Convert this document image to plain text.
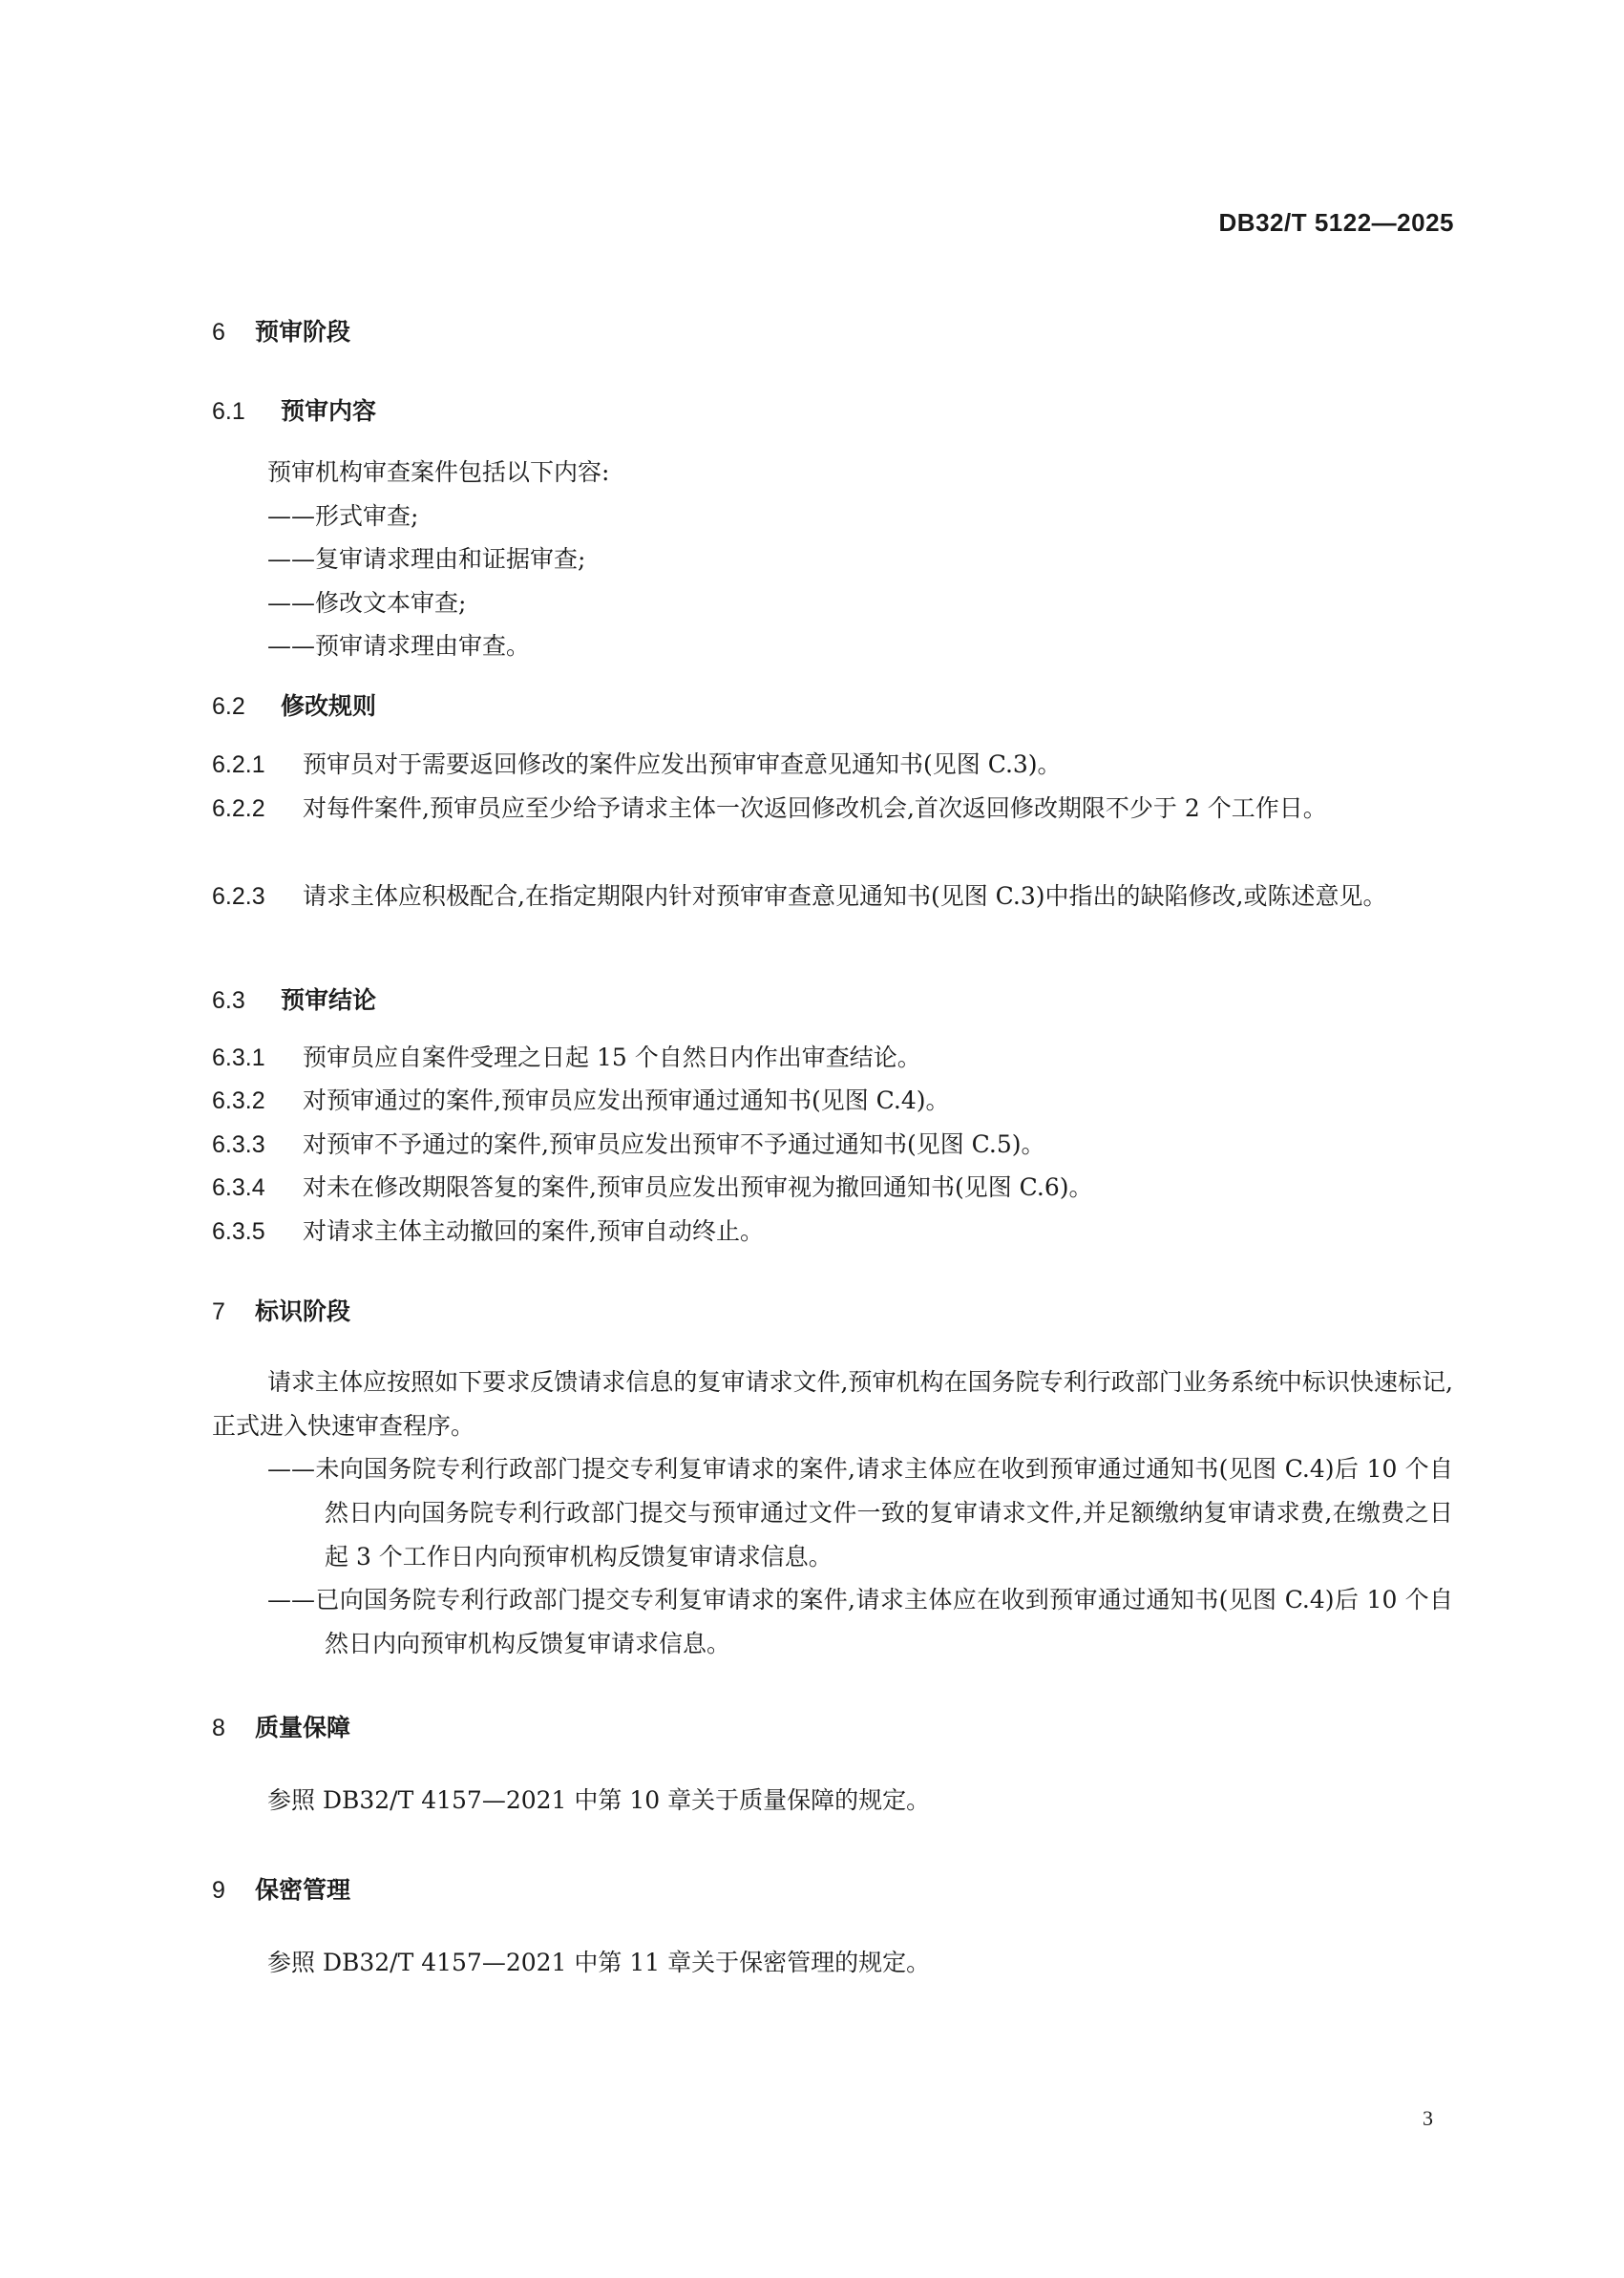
DB32/T 5122—2025
6 预审阶段
6.1 预审内容
预审机构审查案件包括以下内容:
——形式审查;
——复审请求理由和证据审查;
——修改文本审查;
——预审请求理由审查。
6.2 修改规则
6.2.1 预审员对于需要返回修改的案件应发出预审审查意见通知书(见图 C.3)。
6.2.2 对每件案件,预审员应至少给予请求主体一次返回修改机会,首次返回修改期限不少于 2 个工作日。
6.2.3 请求主体应积极配合,在指定期限内针对预审审查意见通知书(见图 C.3)中指出的缺陷修改,或陈述意见。
6.3 预审结论
6.3.1 预审员应自案件受理之日起 15 个自然日内作出审查结论。
6.3.2 对预审通过的案件,预审员应发出预审通过通知书(见图 C.4)。
6.3.3 对预审不予通过的案件,预审员应发出预审不予通过通知书(见图 C.5)。
6.3.4 对未在修改期限答复的案件,预审员应发出预审视为撤回通知书(见图 C.6)。
6.3.5 对请求主体主动撤回的案件,预审自动终止。
7 标识阶段
请求主体应按照如下要求反馈请求信息的复审请求文件,预审机构在国务院专利行政部门业务系统中标识快速标记,正式进入快速审查程序。
——未向国务院专利行政部门提交专利复审请求的案件,请求主体应在收到预审通过通知书(见图 C.4)后 10 个自然日内向国务院专利行政部门提交与预审通过文件一致的复审请求文件,并足额缴纳复审请求费,在缴费之日起 3 个工作日内向预审机构反馈复审请求信息。
——已向国务院专利行政部门提交专利复审请求的案件,请求主体应在收到预审通过通知书(见图 C.4)后 10 个自然日内向预审机构反馈复审请求信息。
8 质量保障
参照 DB32/T 4157—2021 中第 10 章关于质量保障的规定。
9 保密管理
参照 DB32/T 4157—2021 中第 11 章关于保密管理的规定。
3
